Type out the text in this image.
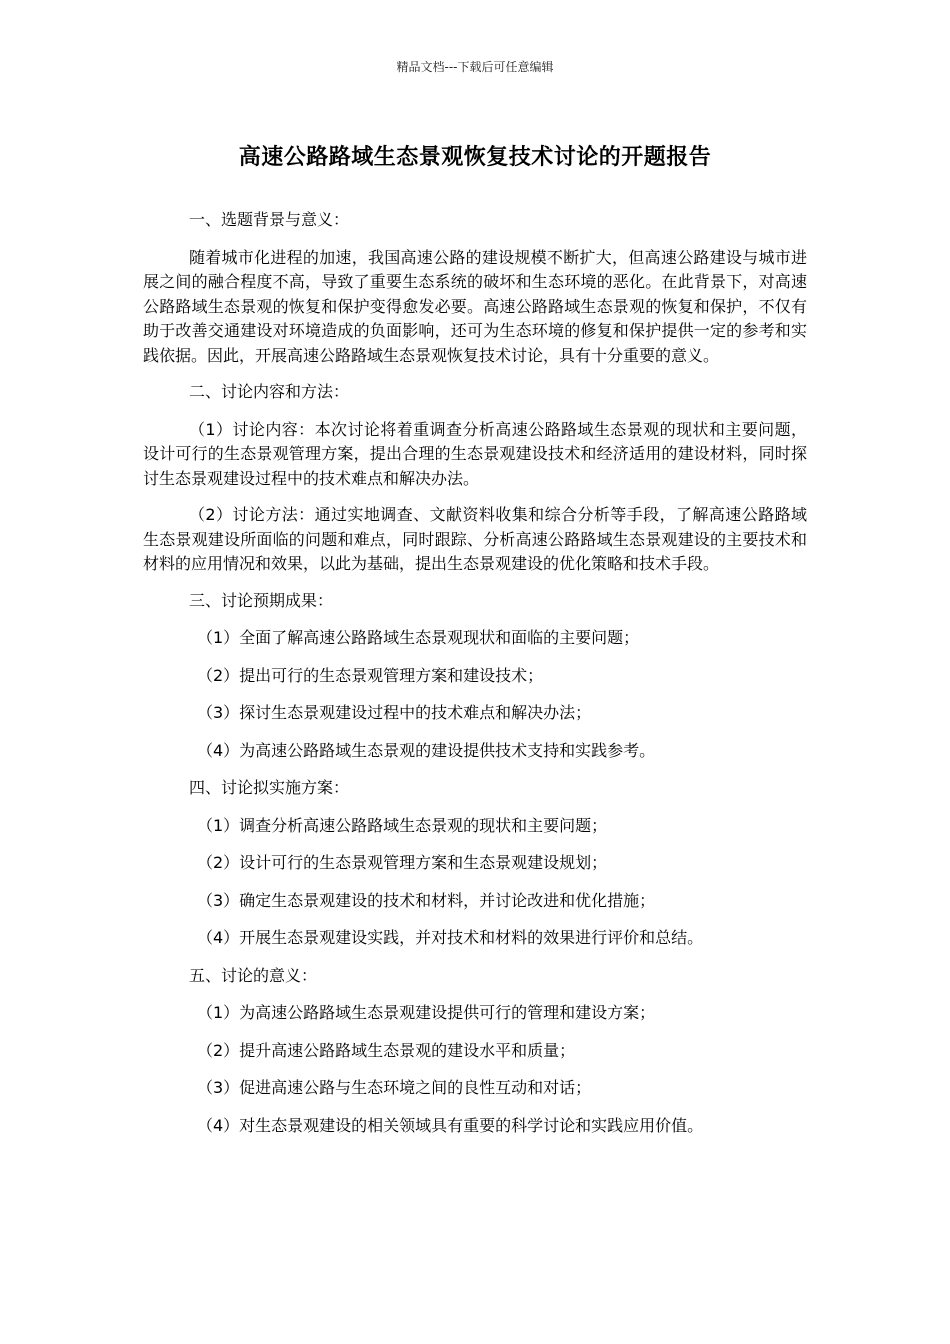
精品文档---下载后可任意编辑
高速公路路域生态景观恢复技术讨论的开题报告
一、选题背景与意义：
随着城市化进程的加速，我国高速公路的建设规模不断扩大，但高速公路建设与城市进展之间的融合程度不高，导致了重要生态系统的破坏和生态环境的恶化。在此背景下，对高速公路路域生态景观的恢复和保护变得愈发必要。高速公路路域生态景观的恢复和保护，不仅有助于改善交通建设对环境造成的负面影响，还可为生态环境的修复和保护提供一定的参考和实践依据。因此，开展高速公路路域生态景观恢复技术讨论，具有十分重要的意义。
二、讨论内容和方法：
（1）讨论内容：本次讨论将着重调查分析高速公路路域生态景观的现状和主要问题，设计可行的生态景观管理方案，提出合理的生态景观建设技术和经济适用的建设材料，同时探讨生态景观建设过程中的技术难点和解决办法。
（2）讨论方法：通过实地调查、文献资料收集和综合分析等手段，了解高速公路路域生态景观建设所面临的问题和难点，同时跟踪、分析高速公路路域生态景观建设的主要技术和材料的应用情况和效果，以此为基础，提出生态景观建设的优化策略和技术手段。
三、讨论预期成果：
（1）全面了解高速公路路域生态景观现状和面临的主要问题；
（2）提出可行的生态景观管理方案和建设技术；
（3）探讨生态景观建设过程中的技术难点和解决办法；
（4）为高速公路路域生态景观的建设提供技术支持和实践参考。
四、讨论拟实施方案：
（1）调查分析高速公路路域生态景观的现状和主要问题；
（2）设计可行的生态景观管理方案和生态景观建设规划；
（3）确定生态景观建设的技术和材料，并讨论改进和优化措施；
（4）开展生态景观建设实践，并对技术和材料的效果进行评价和总结。
五、讨论的意义：
（1）为高速公路路域生态景观建设提供可行的管理和建设方案；
（2）提升高速公路路域生态景观的建设水平和质量；
（3）促进高速公路与生态环境之间的良性互动和对话；
（4）对生态景观建设的相关领域具有重要的科学讨论和实践应用价值。
